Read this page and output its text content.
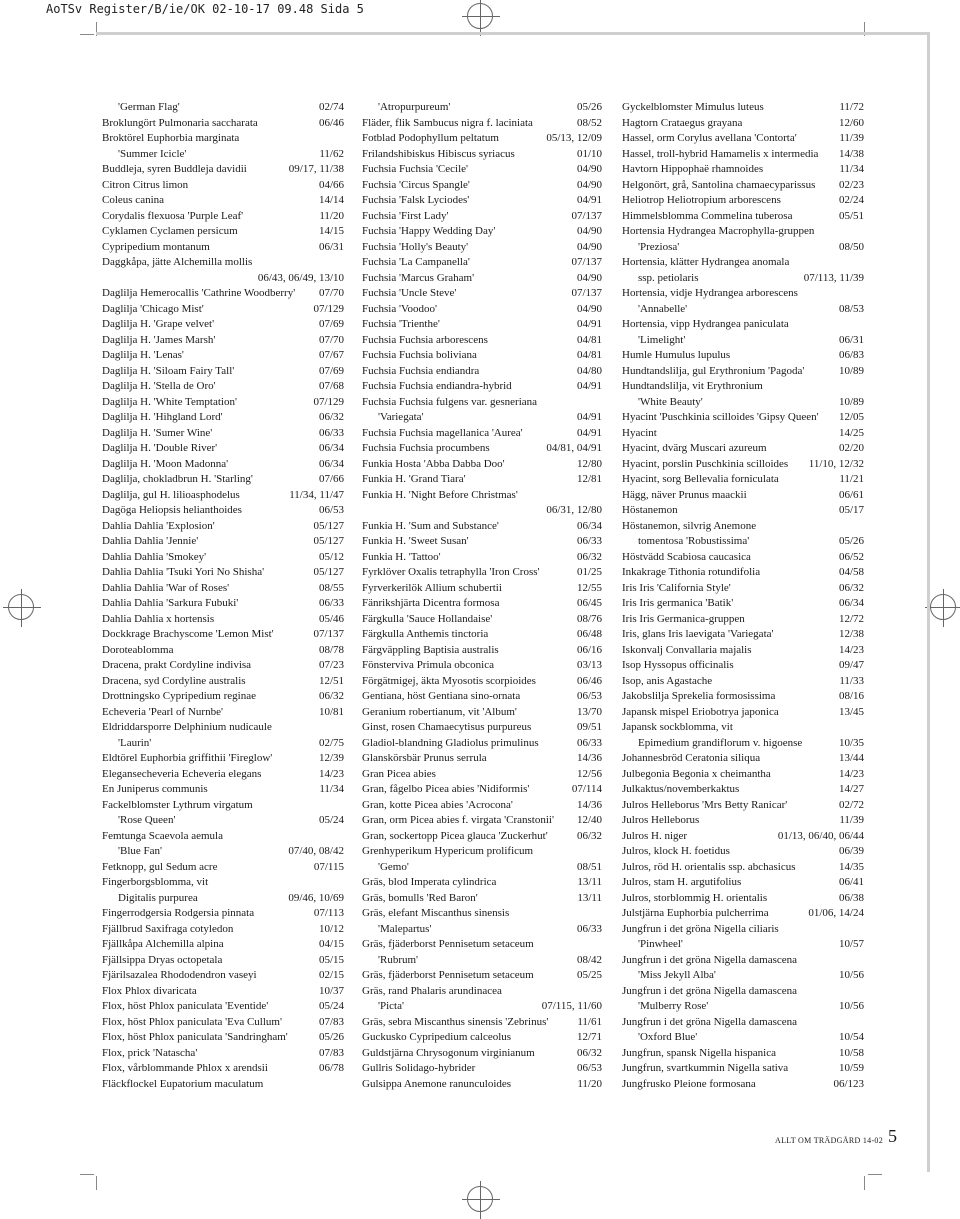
AoTSv Register/B/ie/OK 02-10-17 09.48 Sida 5
'German Flag'	02/74
Broklungört Pulmonaria saccharata	06/46
Broktörel Euphorbia marginata
'Summer Icicle'	11/62
Buddleja, syren Buddleja davidii	09/17, 11/38
Citron Citrus limon	04/66
Coleus canina	14/14
Corydalis flexuosa 'Purple Leaf'	11/20
Cyklamen Cyclamen persicum	14/15
Cypripedium montanum	06/31
Daggkåpa, jätte Alchemilla mollis
06/43, 06/49, 13/10
Daglilja Hemerocallis 'Cathrine Woodberry' 07/70
Daglilja 'Chicago Mist'	07/129
Daglilja H. 'Grape velvet'	07/69
Daglilja H. 'James Marsh'	07/70
Daglilja H. 'Lenas'	07/67
Daglilja H. 'Siloam Fairy Tall'	07/69
Daglilja H. 'Stella de Oro'	07/68
Daglilja H. 'White Temptation'	07/129
Daglilja H. 'Hihgland Lord'	06/32
Daglilja H. 'Sumer Wine'	06/33
Daglilja H. 'Double River'	06/34
Daglilja H. 'Moon Madonna'	06/34
Daglilja, chokladbrun H. 'Starling'	07/66
Daglilja, gul H. lilioasphodelus	11/34, 11/47
Dagöga Heliopsis helianthoides	06/53
Dahlia Dahlia 'Explosion'	05/127
Dahlia Dahlia 'Jennie'	05/127
Dahlia Dahlia 'Smokey'	05/12
Dahlia Dahlia 'Tsuki Yori No Shisha'	05/127
Dahlia Dahlia 'War of Roses'	08/55
Dahlia Dahlia 'Sarkura Fubuki'	06/33
Dahlia Dahlia x hortensis	05/46
Dockkrage Brachyscome 'Lemon Mist'	07/137
Doroteablomma	08/78
Dracena, prakt Cordyline indivisa	07/23
Dracena, syd Cordyline australis	12/51
Drottningsko Cypripedium reginae	06/32
Echeveria 'Pearl of Nurnbe'	10/81
Eldriddarsporre Delphinium nudicaule
'Laurin'	02/75
Eldtörel Euphorbia griffithii 'Fireglow'	12/39
Elegansecheveria Echeveria elegans	14/23
En Juniperus communis	11/34
Fackelblomster Lythrum virgatum
'Rose Queen'	05/24
Femtunga Scaevola aemula
'Blue Fan'	07/40, 08/42
Fetknopp, gul Sedum acre	07/115
Fingerborgsblomma, vit
Digitalis purpurea	09/46, 10/69
Fingerrodgersia Rodgersia pinnata	07/113
Fjällbrud Saxifraga cotyledon	10/12
Fjällkåpa Alchemilla alpina	04/15
Fjällsippa Dryas octopetala	05/15
Fjärilsazalea Rhododendron vaseyi	02/15
Flox Phlox divaricata	10/37
Flox, höst Phlox paniculata 'Eventide'	05/24
Flox, höst Phlox paniculata 'Eva Cullum'	07/83
Flox, höst Phlox paniculata 'Sandringham'	05/26
Flox, prick 'Natascha'	07/83
Flox, vårblommande Phlox x arendsii	06/78
Fläckflockel Eupatorium maculatum
'Atropurpureum'	05/26
Fläder, flik Sambucus nigra f. laciniata	08/52
Fotblad Podophyllum peltatum	05/13, 12/09
Frilandshibiskus Hibiscus syriacus	01/10
Fuchsia Fuchsia 'Cecile'	04/90
Fuchsia 'Circus Spangle'	04/90
Fuchsia 'Falsk Lyciodes'	04/91
Fuchsia 'First Lady'	07/137
Fuchsia 'Happy Wedding Day'	04/90
Fuchsia 'Holly's Beauty'	04/90
Fuchsia 'La Campanella'	07/137
Fuchsia 'Marcus Graham'	04/90
Fuchsia 'Uncle Steve'	07/137
Fuchsia 'Voodoo'	04/90
Fuchsia 'Trienthe'	04/91
Fuchsia Fuchsia arborescens	04/81
Fuchsia Fuchsia boliviana	04/81
Fuchsia Fuchsia endiandra	04/80
Fuchsia Fuchsia endiandra-hybrid	04/91
Fuchsia Fuchsia fulgens var. gesneriana
'Variegata'	04/91
Fuchsia Fuchsia magellanica 'Aurea'	04/91
Fuchsia Fuchsia procumbens	04/81, 04/91
Funkia Hosta 'Abba Dabba Doo'	12/80
Funkia H. 'Grand Tiara'	12/81
Funkia H. 'Night Before Christmas'
06/31, 12/80
Funkia H. 'Sum and Substance'	06/34
Funkia H. 'Sweet Susan'	06/33
Funkia H. 'Tattoo'	06/32
Fyrklöver Oxalis tetraphylla 'Iron Cross'	01/25
Fyrverkerilök Allium schubertii	12/55
Fänrikshjärta Dicentra formosa	06/45
Färgkulla 'Sauce Hollandaise'	08/76
Färgkulla Anthemis tinctoria	06/48
Färgväppling Baptisia australis	06/16
Fönsterviva Primula obconica	03/13
Förgätmigej, äkta Myosotis scorpioides	06/46
Gentiana, höst Gentiana sino-ornata	06/53
Geranium robertianum, vit 'Album'	13/70
Ginst, rosen Chamaecytisus purpureus	09/51
Gladiol-blandning Gladiolus primulinus	06/33
Glanskörsbär Prunus serrula	14/36
Gran Picea abies	12/56
Gran, fågelbo Picea abies 'Nidiformis'	07/114
Gran, kotte Picea abies 'Acrocona'	14/36
Gran, orm Picea abies f. virgata 'Cranstonii' 12/40
Gran, sockertopp Picea glauca 'Zuckerhut'	06/32
Grenhyperikum Hypericum prolificum
'Gemo'	08/51
Gräs, blod Imperata cylindrica	13/11
Gräs, bomulls 'Red Baron'	13/11
Gräs, elefant Miscanthus sinensis
'Malepartus'	06/33
Gräs, fjäderborst Pennisetum setaceum
'Rubrum'	08/42
Gräs, fjäderborst Pennisetum setaceum	05/25
Gräs, rand Phalaris arundinacea
'Picta'	07/115, 11/60
Gräs, sebra Miscanthus sinensis 'Zebrinus'	11/61
Guckusko Cypripedium calceolus	12/71
Guldstjärna Chrysogonum virginianum	06/32
Gullris Solidago-hybrider	06/53
Gulsippa Anemone ranunculoides	11/20
Gyckelblomster Mimulus luteus	11/72
Hagtorn Crataegus grayana	12/60
Hassel, orm Corylus avellana 'Contorta'	11/39
Hassel, troll-hybrid Hamamelis x intermedia 14/38
Havtorn Hippophaë rhamnoides	11/34
Helgonört, grå, Santolina chamaecyparissus 02/23
Heliotrop Heliotropium arborescens	02/24
Himmelsblomma Commelina tuberosa	05/51
Hortensia Hydrangea Macrophylla-gruppen
'Preziosa'	08/50
Hortensia, klätter Hydrangea anomala
ssp. petiolaris	07/113, 11/39
Hortensia, vidje Hydrangea arborescens
'Annabelle'	08/53
Hortensia, vipp Hydrangea paniculata
'Limelight'	06/31
Humle Humulus lupulus	06/83
Hundtandslilja, gul Erythronium 'Pagoda'	10/89
Hundtandslilja, vit Erythronium
'White Beauty'	10/89
Hyacint 'Puschkinia scilloides 'Gipsy Queen' 12/05
Hyacint	14/25
Hyacint, dvärg Muscari azureum	02/20
Hyacint, porslin Puschkinia scilloides 11/10, 12/32
Hyacint, sorg Bellevalia forniculata	11/21
Hägg, näver Prunus maackii	06/61
Höstanemon	05/17
Höstanemon, silvrig Anemone
tomentosa 'Robustissima'	05/26
Höstvädd Scabiosa caucasica	06/52
Inkakrage Tithonia rotundifolia	04/58
Iris Iris 'California Style'	06/32
Iris Iris germanica 'Batik'	06/34
Iris Iris Germanica-gruppen	12/72
Iris, glans Iris laevigata 'Variegata'	12/38
Iskonvalj Convallaria majalis	14/23
Isop Hyssopus officinalis	09/47
Isop, anis Agastache	11/33
Jakobslilja Sprekelia formosissima	08/16
Japansk mispel Eriobotrya japonica	13/45
Japansk sockblomma, vit
Epimedium grandiflorum v. higoense	10/35
Johannesbröd Ceratonia siliqua	13/44
Julbegonia Begonia x cheimantha	14/23
Julkaktus/novemberkaktus	14/27
Julros Helleborus 'Mrs Betty Ranicar'	02/72
Julros Helleborus	11/39
Julros H. niger	01/13, 06/40, 06/44
Julros, klock H. foetidus	06/39
Julros, röd H. orientalis ssp. abchasicus	14/35
Julros, stam H. argutifolius	06/41
Julros, storblommig H. orientalis	06/38
Julstjärna Euphorbia pulcherrima	01/06, 14/24
Jungfrun i det gröna Nigella ciliaris
'Pinwheel'	10/57
Jungfrun i det gröna Nigella damascena
'Miss Jekyll Alba'	10/56
Jungfrun i det gröna Nigella damascena
'Mulberry Rose'	10/56
Jungfrun i det gröna Nigella damascena
'Oxford Blue'	10/54
Jungfrun, spansk Nigella hispanica	10/58
Jungfrun, svartkummin Nigella sativa	10/59
Jungfrusko Pleione formosana	06/123
ALLT OM TRÄDGÅRD 14-02 5
